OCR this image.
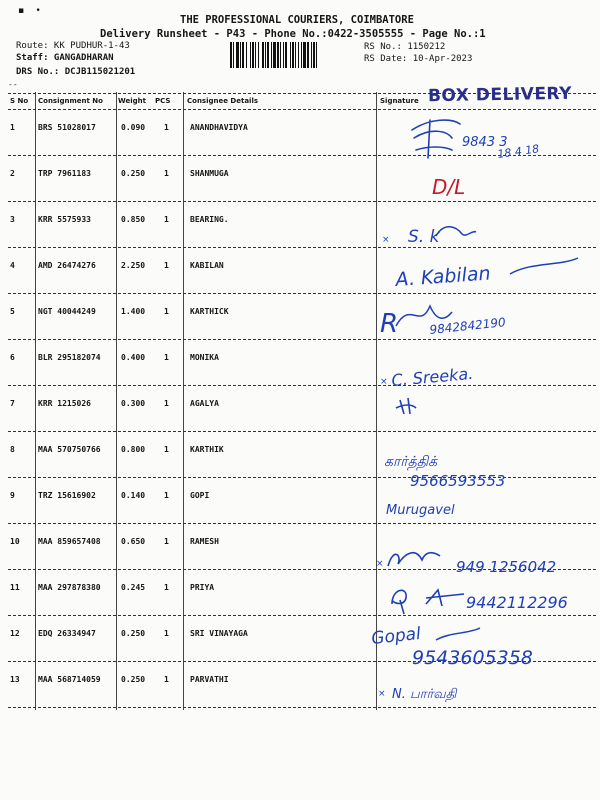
▪    •
THE PROFESSIONAL COURIERS, COIMBATORE
Delivery Runsheet - P43 - Phone No.:0422-3505555 - Page No.:1
Route: KK PUDHUR-1-43
Staff: GANGADHARAN
DRS No.: DCJB115021201
RS No.: 1150212
RS Date: 10-Apr-2023
--
S No Consignment No Weight PCS Consignee Details	Signature BOX DELIVERY
1	BRS 51028017	0.090 1	ANANDHAVIDYA
2	TRP 7961183	0.250 1	SHANMUGA
3	KRR 5575933	0.850 1	BEARING.
4	AMD 26474276	2.250 1	KABILAN
5	NGT 40044249	1.400 1	KARTHICK
6	BLR 295182074	0.400 1	MONIKA
7	KRR 1215026	0.300 1	AGALYA
8	MAA 570750766	0.800 1	KARTHIK
9	TRZ 15616902	0.140 1	GOPI
10 MAA 859657408	0.650 1	RAMESH
11 MAA 297878380	0.245 1	PRIYA
12 EDQ 26334947	0.250 1	SRI VINAYAGA
13 MAA 568714059	0.250 1	PARVATHI
9843 3
18 4 18
D/L
× S. k
A. Kabilan
R	9842842190
× C. Sreeka.
கார்த்திக்
9566593553
Murugavel
×	949 1256042
9442112296
Gopal
9543605358
× N. பார்வதி
